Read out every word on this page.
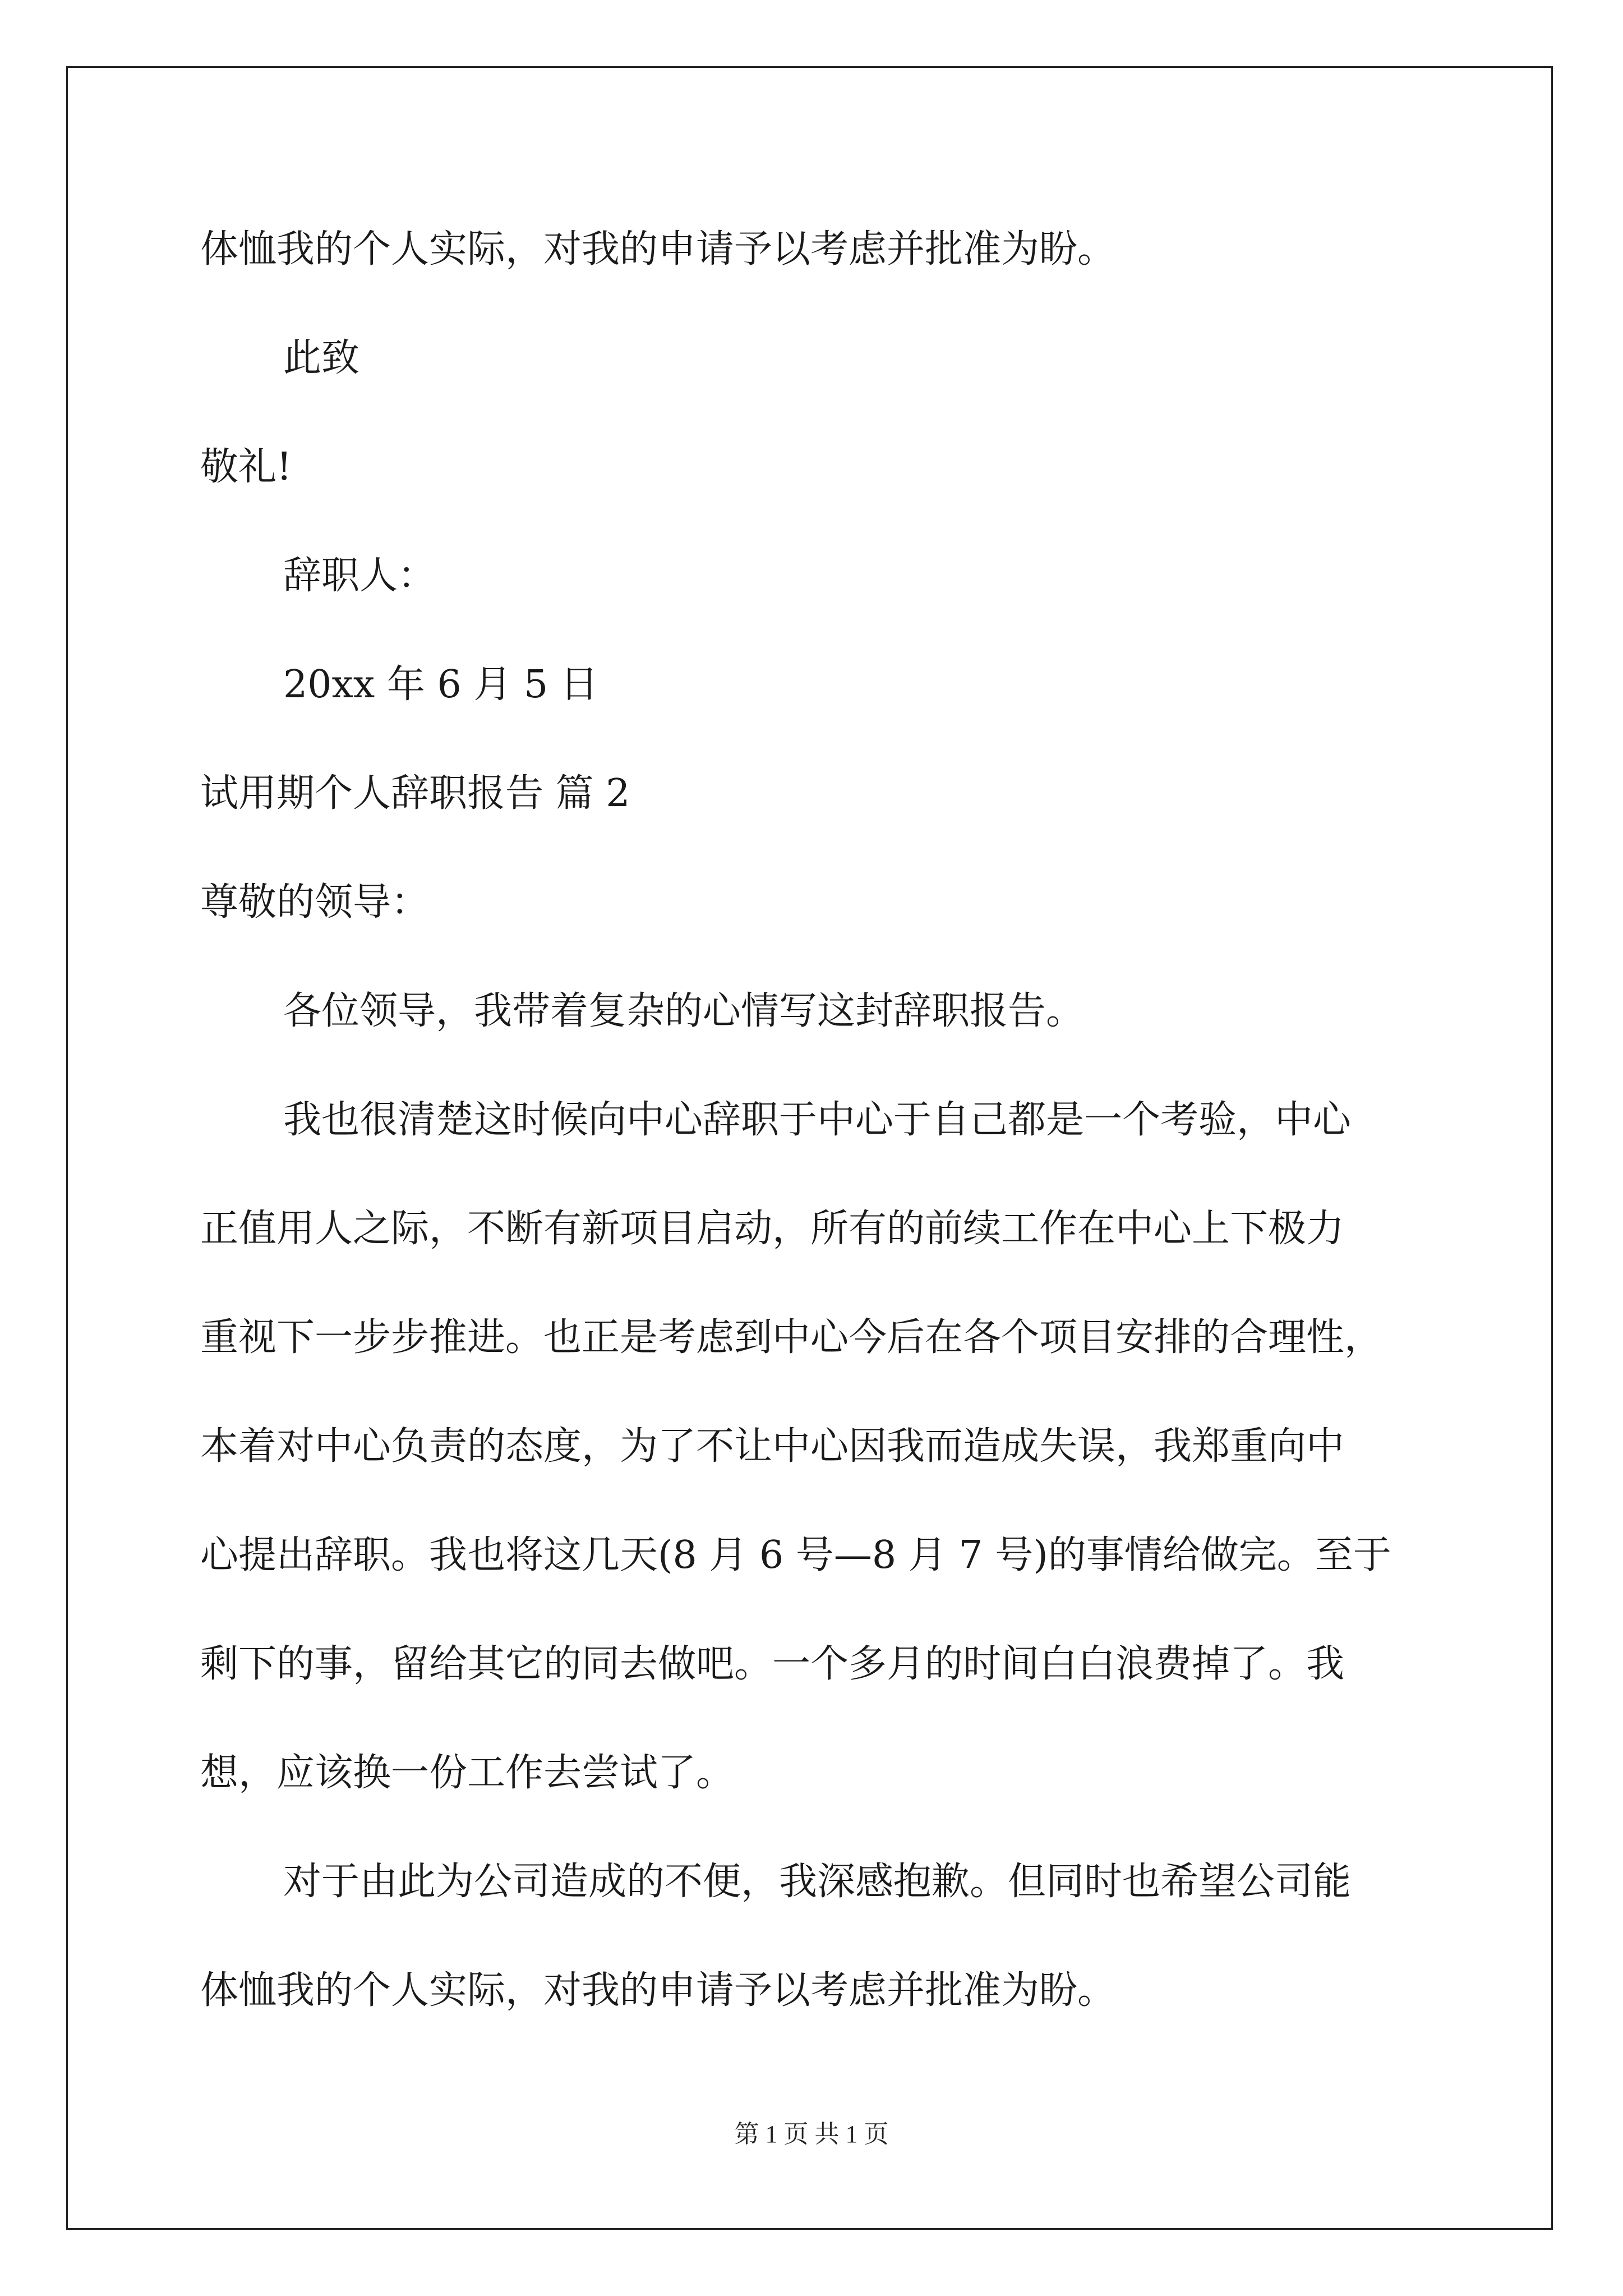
体恤我的个人实际，对我的申请予以考虑并批准为盼。
此致
敬礼!
辞职人：
20xx 年 6 月 5 日
试用期个人辞职报告 篇 2
尊敬的领导：
各位领导，我带着复杂的心情写这封辞职报告。
我也很清楚这时候向中心辞职于中心于自己都是一个考验，中心
正值用人之际，不断有新项目启动，所有的前续工作在中心上下极力
重视下一步步推进。也正是考虑到中心今后在各个项目安排的合理性，
本着对中心负责的态度，为了不让中心因我而造成失误，我郑重向中
心提出辞职。我也将这几天(8 月 6 号—8 月 7 号)的事情给做完。至于
剩下的事，留给其它的同去做吧。一个多月的时间白白浪费掉了。我
想，应该换一份工作去尝试了。
对于由此为公司造成的不便，我深感抱歉。但同时也希望公司能
体恤我的个人实际，对我的申请予以考虑并批准为盼。
第 1 页 共 1 页
